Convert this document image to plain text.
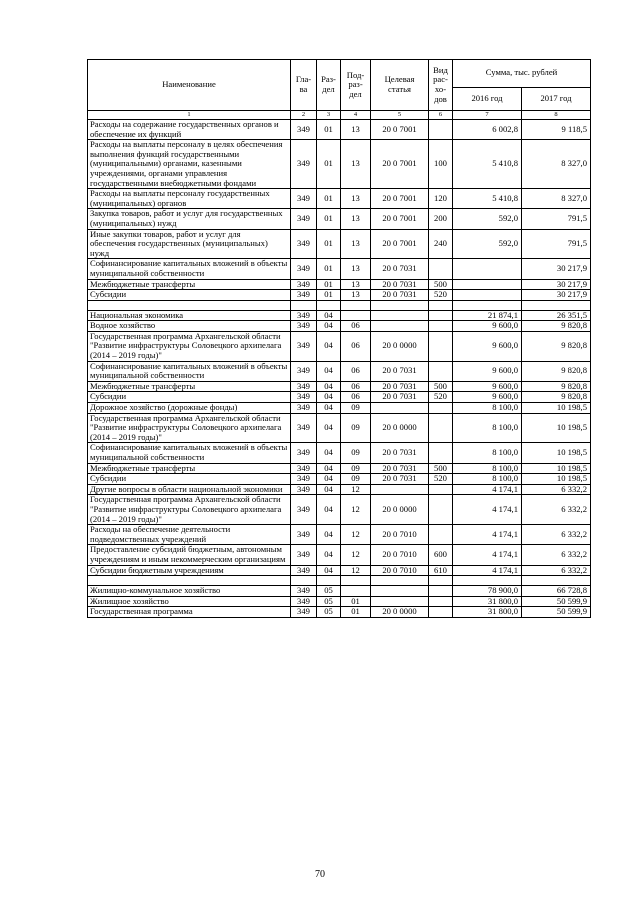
Наименование	Гла-ва	Раз-дел	Под-раз-дел	Целевая статья	Вид рас-хо-дов	Сумма, тыс. рублей	
						2016 год	2017 год
1	2	3	4	5	6	7	8
Расходы на содержание государственных органов и обеспечение их функций	349	01	13	20 0 7001		6 002,8	9 118,5
Расходы на выплаты персоналу в целях обеспечения выполнения функций государственными (муниципальными) органами, казенными учреждениями, органами управления государственными внебюджетными фондами	349	01	13	20 0 7001	100	5 410,8	8 327,0
Расходы на выплаты персоналу государственных (муниципальных) органов	349	01	13	20 0 7001	120	5 410,8	8 327,0
Закупка товаров, работ и услуг для государственных (муниципальных) нужд	349	01	13	20 0 7001	200	592,0	791,5
Иные закупки товаров, работ и услуг для обеспечения государственных (муниципальных) нужд	349	01	13	20 0 7001	240	592,0	791,5
Софинансирование капитальных вложений в объекты муниципальной собственности	349	01	13	20 0 7031			30 217,9
Межбюджетные трансферты	349	01	13	20 0 7031	500		30 217,9
Субсидии	349	01	13	20 0 7031	520		30 217,9

Национальная экономика	349	04				21 874,1	26 351,5
Водное хозяйство	349	04	06			9 600,0	9 820,8
Государственная программа Архангельской области "Развитие инфраструктуры Соловецкого архипелага (2014 – 2019 годы)"	349	04	06	20 0 0000		9 600,0	9 820,8
Софинансирование капитальных вложений в объекты муниципальной собственности	349	04	06	20 0 7031		9 600,0	9 820,8
Межбюджетные трансферты	349	04	06	20 0 7031	500	9 600,0	9 820,8
Субсидии	349	04	06	20 0 7031	520	9 600,0	9 820,8
Дорожное хозяйство (дорожные фонды)	349	04	09			8 100,0	10 198,5
Государственная программа Архангельской области "Развитие инфраструктуры Соловецкого архипелага (2014 – 2019 годы)"	349	04	09	20 0 0000		8 100,0	10 198,5
Софинансирование капитальных вложений в объекты муниципальной собственности	349	04	09	20 0 7031		8 100,0	10 198,5
Межбюджетные трансферты	349	04	09	20 0 7031	500	8 100,0	10 198,5
Субсидии	349	04	09	20 0 7031	520	8 100,0	10 198,5
Другие вопросы в области национальной экономики	349	04	12			4 174,1	6 332,2
Государственная программа Архангельской области "Развитие инфраструктуры Соловецкого архипелага (2014 – 2019 годы)"	349	04	12	20 0 0000		4 174,1	6 332,2
Расходы на обеспечение деятельности подведомственных учреждений	349	04	12	20 0 7010		4 174,1	6 332,2
Предоставление субсидий бюджетным, автономным учреждениям и иным некоммерческим организациям	349	04	12	20 0 7010	600	4 174,1	6 332,2
Субсидии бюджетным учреждениям	349	04	12	20 0 7010	610	4 174,1	6 332,2

Жилищно-коммунальное хозяйство	349	05				78 900,0	66 728,8
Жилищное хозяйство	349	05	01			31 800,0	50 599,9
Государственная программа	349	05	01	20 0 0000		31 800,0	50 599,9
70
